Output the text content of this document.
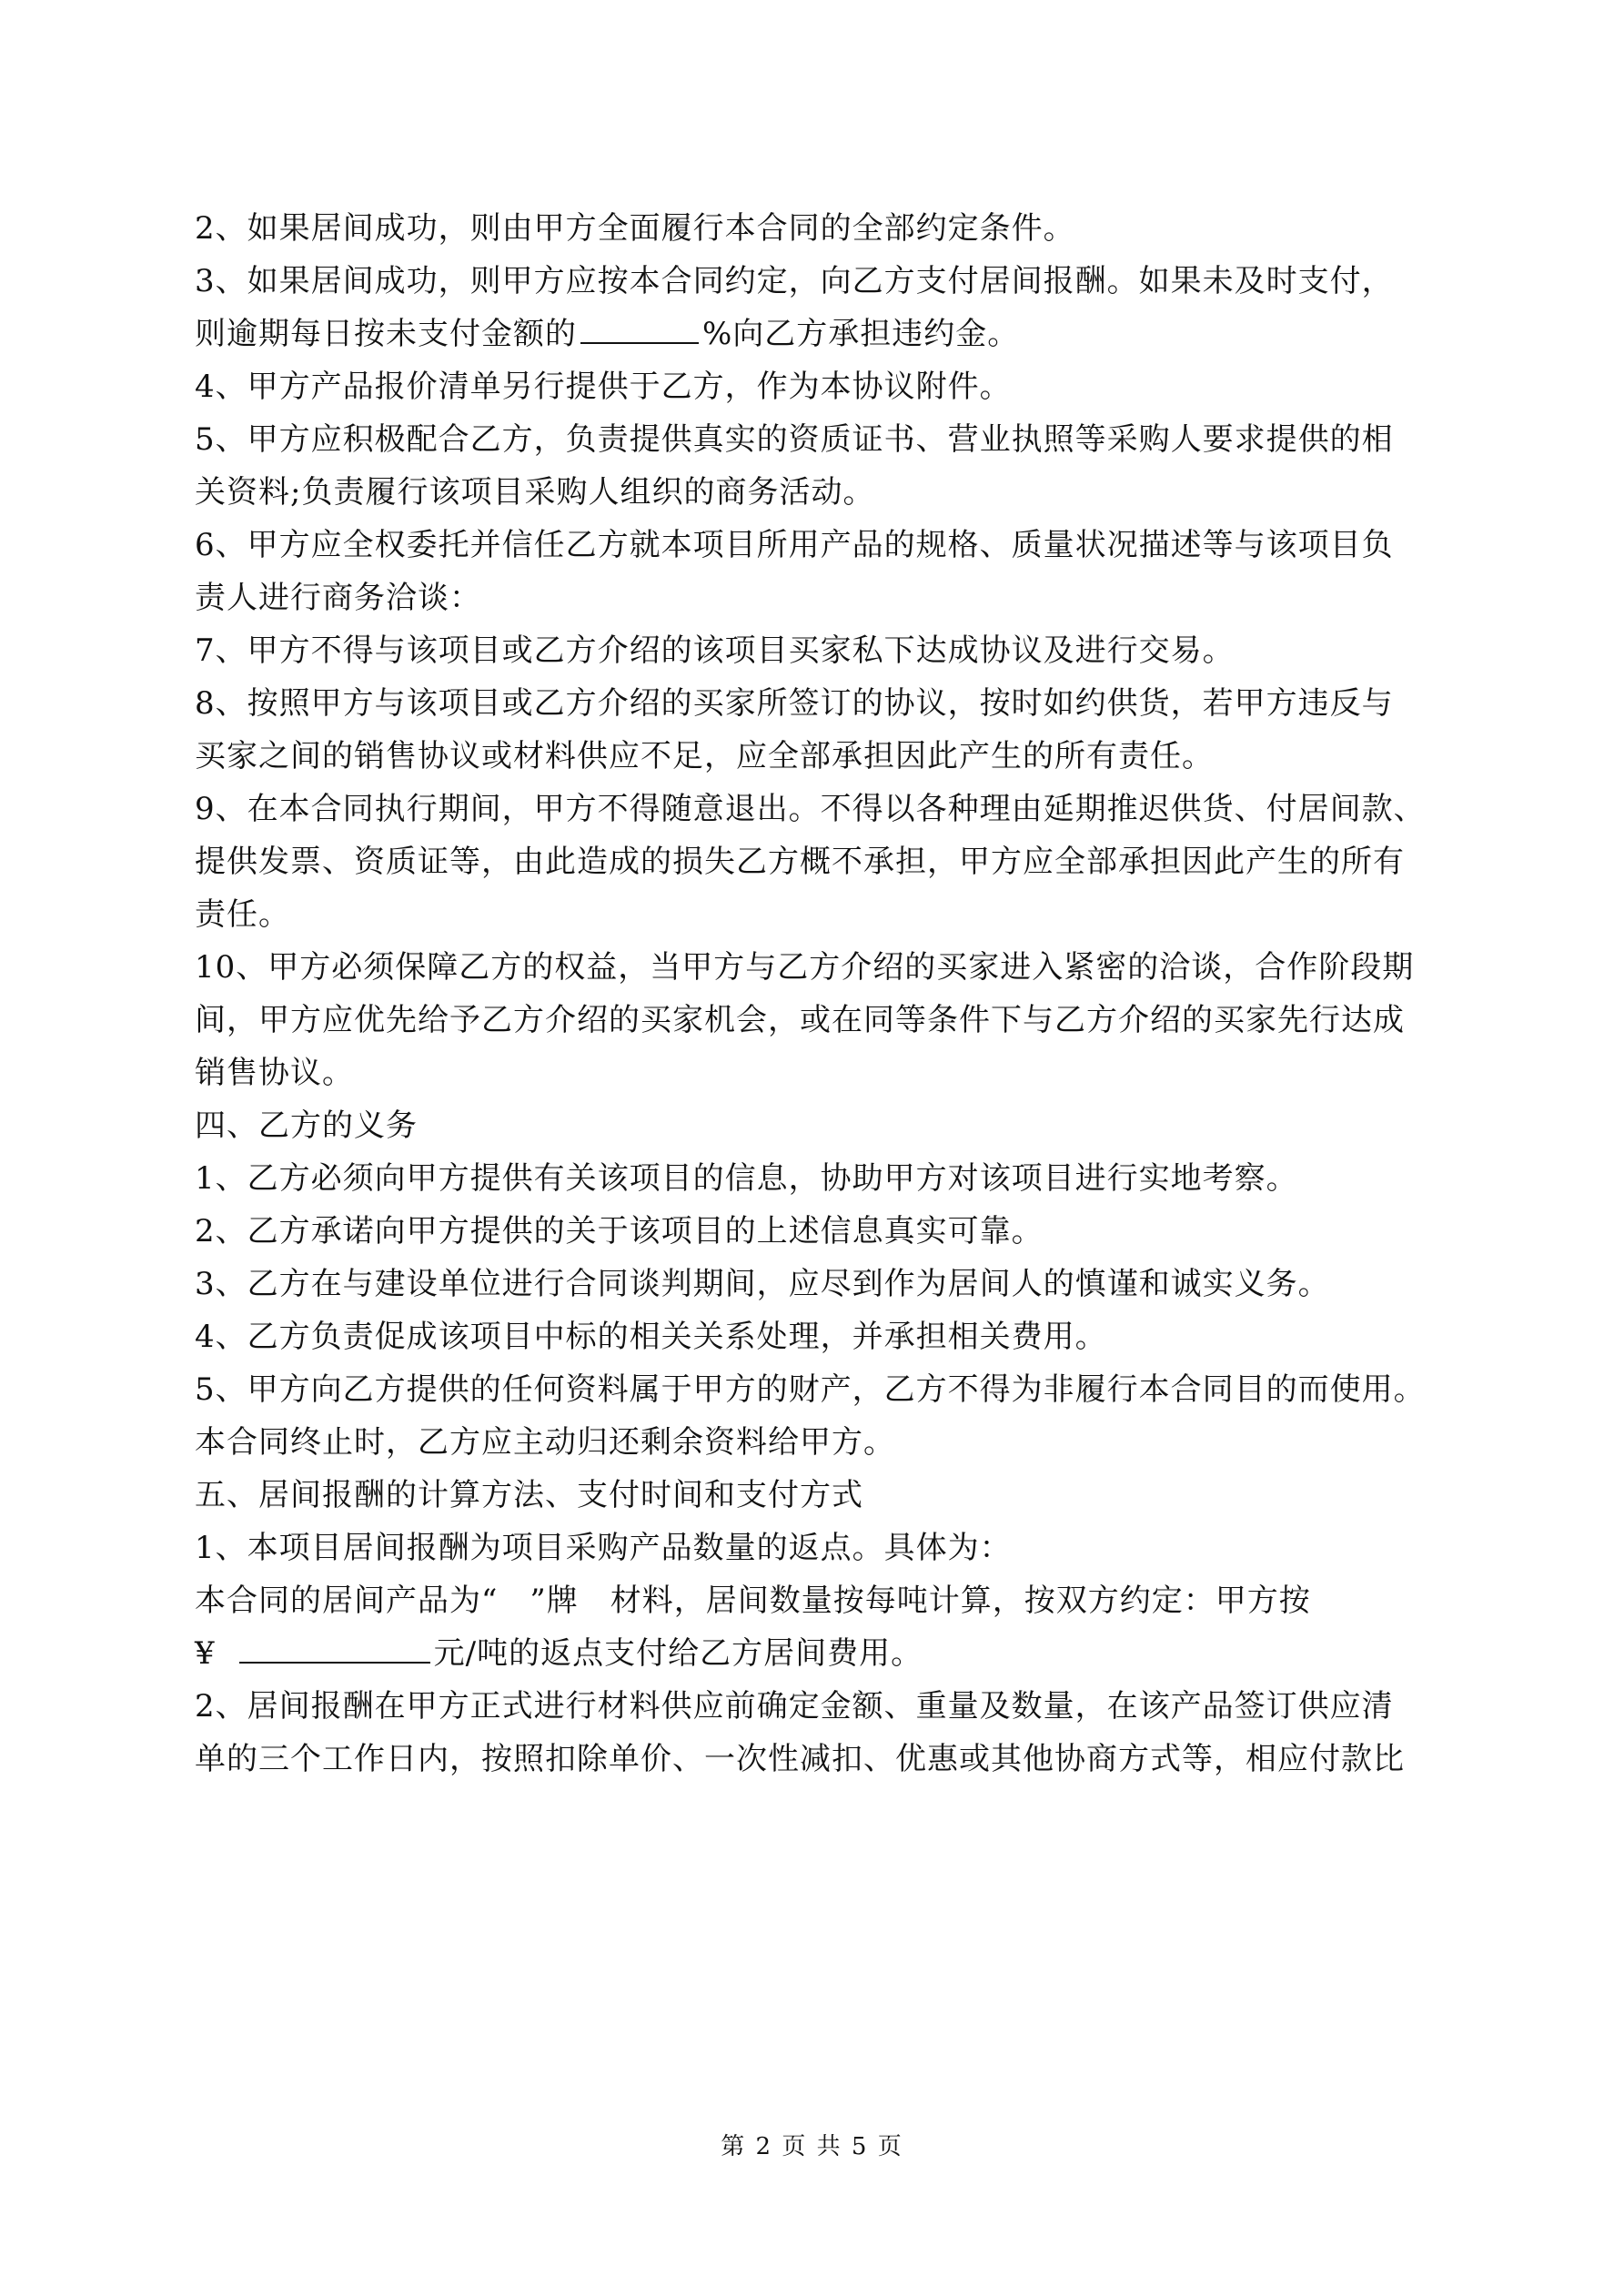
2、如果居间成功，则由甲方全面履行本合同的全部约定条件。
3、如果居间成功，则甲方应按本合同约定，向乙方支付居间报酬。如果未及时支付，
则逾期每日按未支付金额的	%向乙方承担违约金。
4、甲方产品报价清单另行提供于乙方，作为本协议附件。
5、甲方应积极配合乙方，负责提供真实的资质证书、营业执照等采购人要求提供的相
关资料;负责履行该项目采购人组织的商务活动。
6、甲方应全权委托并信任乙方就本项目所用产品的规格、质量状况描述等与该项目负
责人进行商务洽谈：
7、甲方不得与该项目或乙方介绍的该项目买家私下达成协议及进行交易。
8、按照甲方与该项目或乙方介绍的买家所签订的协议，按时如约供货，若甲方违反与
买家之间的销售协议或材料供应不足，应全部承担因此产生的所有责任。
9、在本合同执行期间，甲方不得随意退出。不得以各种理由延期推迟供货、付居间款、
提供发票、资质证等，由此造成的损失乙方概不承担，甲方应全部承担因此产生的所有
责任。
10、甲方必须保障乙方的权益，当甲方与乙方介绍的买家进入紧密的洽谈，合作阶段期
间，甲方应优先给予乙方介绍的买家机会，或在同等条件下与乙方介绍的买家先行达成
销售协议。
四、乙方的义务
1、乙方必须向甲方提供有关该项目的信息，协助甲方对该项目进行实地考察。
2、乙方承诺向甲方提供的关于该项目的上述信息真实可靠。
3、乙方在与建设单位进行合同谈判期间，应尽到作为居间人的慎谨和诚实义务。
4、乙方负责促成该项目中标的相关关系处理，并承担相关费用。
5、甲方向乙方提供的任何资料属于甲方的财产，乙方不得为非履行本合同目的而使用。
本合同终止时，乙方应主动归还剩余资料给甲方。
五、居间报酬的计算方法、支付时间和支付方式
1、本项目居间报酬为项目采购产品数量的返点。具体为：
本合同的居间产品为“　”牌　材料，居间数量按每吨计算，按双方约定：甲方按
¥	元/吨的返点支付给乙方居间费用。
2、居间报酬在甲方正式进行材料供应前确定金额、重量及数量，在该产品签订供应清
单的三个工作日内，按照扣除单价、一次性减扣、优惠或其他协商方式等，相应付款比
第 2 页 共 5 页
